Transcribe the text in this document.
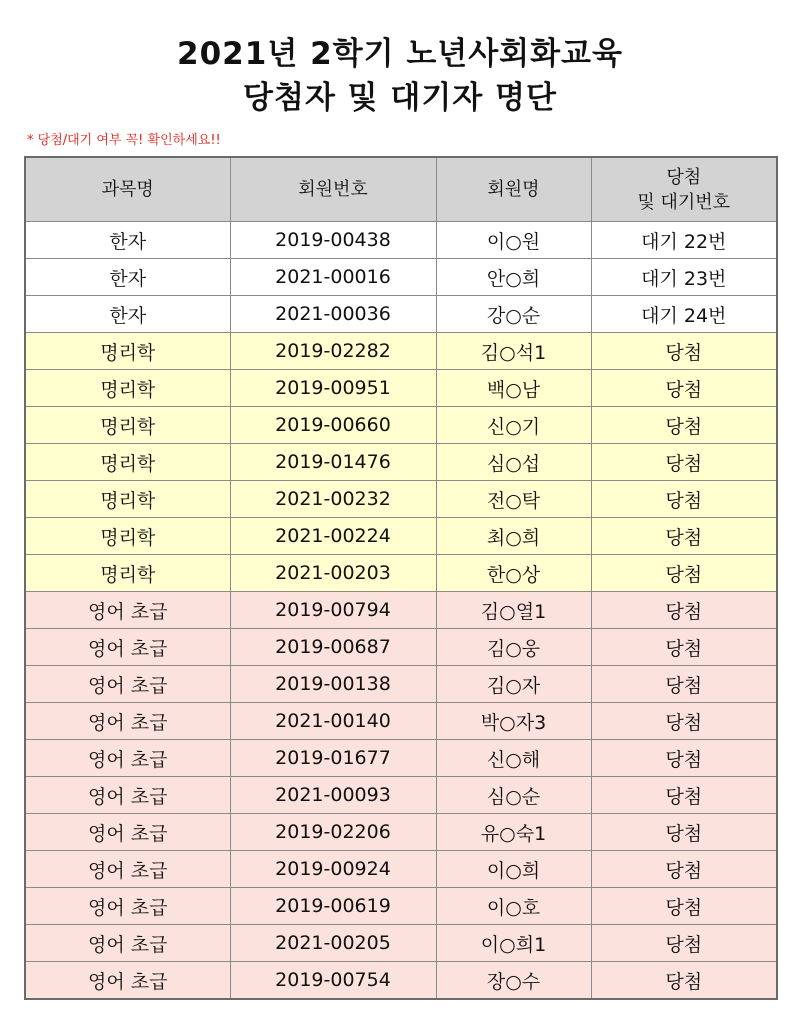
2021년 2학기 노년사회화교육
당첨자 및 대기자 명단
* 당첨/대기 여부 꼭! 확인하세요!!
과목명	회원번호	회원명	당첨
및 대기번호
한자	2019-00438	이○원	대기 22번
한자	2021-00016	안○희	대기 23번
한자	2021-00036	강○순	대기 24번
명리학	2019-02282	김○석1	당첨
명리학	2019-00951	백○남	당첨
명리학	2019-00660	신○기	당첨
명리학	2019-01476	심○섭	당첨
명리학	2021-00232	전○탁	당첨
명리학	2021-00224	최○희	당첨
명리학	2021-00203	한○상	당첨
영어 초급	2019-00794	김○열1	당첨
영어 초급	2019-00687	김○웅	당첨
영어 초급	2019-00138	김○자	당첨
영어 초급	2021-00140	박○자3	당첨
영어 초급	2019-01677	신○해	당첨
영어 초급	2021-00093	심○순	당첨
영어 초급	2019-02206	유○숙1	당첨
영어 초급	2019-00924	이○희	당첨
영어 초급	2019-00619	이○호	당첨
영어 초급	2021-00205	이○희1	당첨
영어 초급	2019-00754	장○수	당첨
